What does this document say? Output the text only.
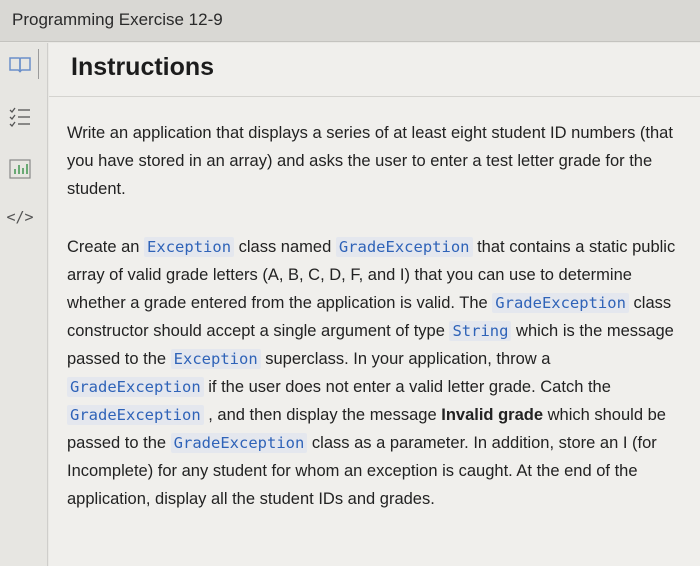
Programming Exercise 12-9
</>
Instructions

Write an application that displays a series of at least eight student ID numbers (that you have stored in an array) and asks the user to enter a test letter grade for the student.

Create an Exception class named GradeException that contains a static public array of valid grade letters (A, B, C, D, F, and I) that you can use to determine whether a grade entered from the application is valid. The GradeException class constructor should accept a single argument of type String which is the message passed to the Exception superclass. In your application, throw a GradeException if the user does not enter a valid letter grade. Catch the GradeException , and then display the message Invalid grade which should be passed to the GradeException class as a parameter. In addition, store an I (for Incomplete) for any student for whom an exception is caught. At the end of the application, display all the student IDs and grades.
